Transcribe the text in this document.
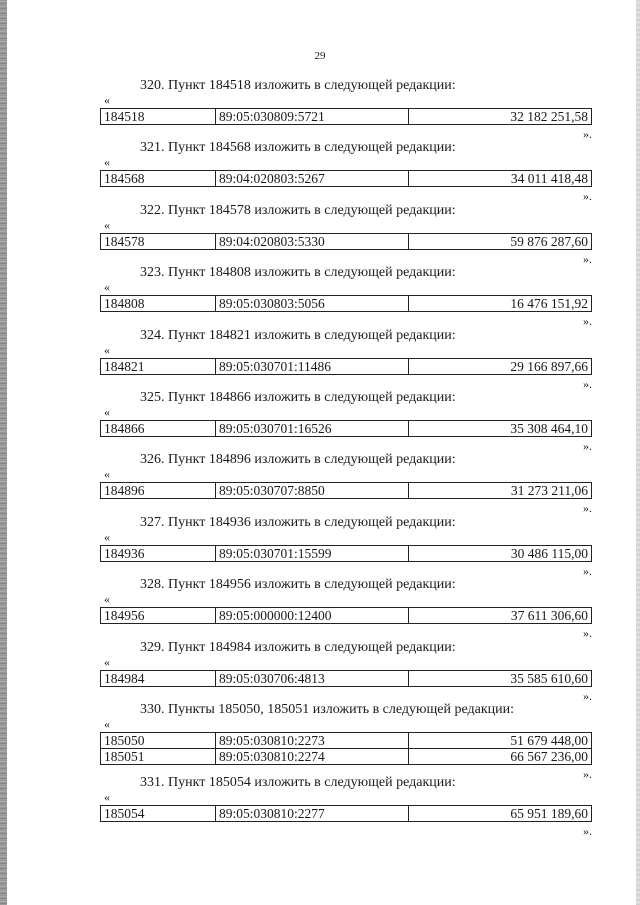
29
320. Пункт 184518 изложить в следующей редакции:
«
184518	89:05:030809:5721	32 182 251,58
».
321. Пункт 184568 изложить в следующей редакции:
«
184568	89:04:020803:5267	34 011 418,48
».
322. Пункт 184578 изложить в следующей редакции:
«
184578	89:04:020803:5330	59 876 287,60
».
323. Пункт 184808 изложить в следующей редакции:
«
184808	89:05:030803:5056	16 476 151,92
».
324. Пункт 184821 изложить в следующей редакции:
«
184821	89:05:030701:11486	29 166 897,66
».
325. Пункт 184866 изложить в следующей редакции:
«
184866	89:05:030701:16526	35 308 464,10
».
326. Пункт 184896 изложить в следующей редакции:
«
184896	89:05:030707:8850	31 273 211,06
».
327. Пункт 184936 изложить в следующей редакции:
«
184936	89:05:030701:15599	30 486 115,00
».
328. Пункт 184956 изложить в следующей редакции:
«
184956	89:05:000000:12400	37 611 306,60
».
329. Пункт 184984 изложить в следующей редакции:
«
184984	89:05:030706:4813	35 585 610,60
».
330. Пункты 185050, 185051 изложить в следующей редакции:
«
185050	89:05:030810:2273	51 679 448,00
185051	89:05:030810:2274	66 567 236,00
».
331. Пункт 185054 изложить в следующей редакции:
«
185054	89:05:030810:2277	65 951 189,60
».
